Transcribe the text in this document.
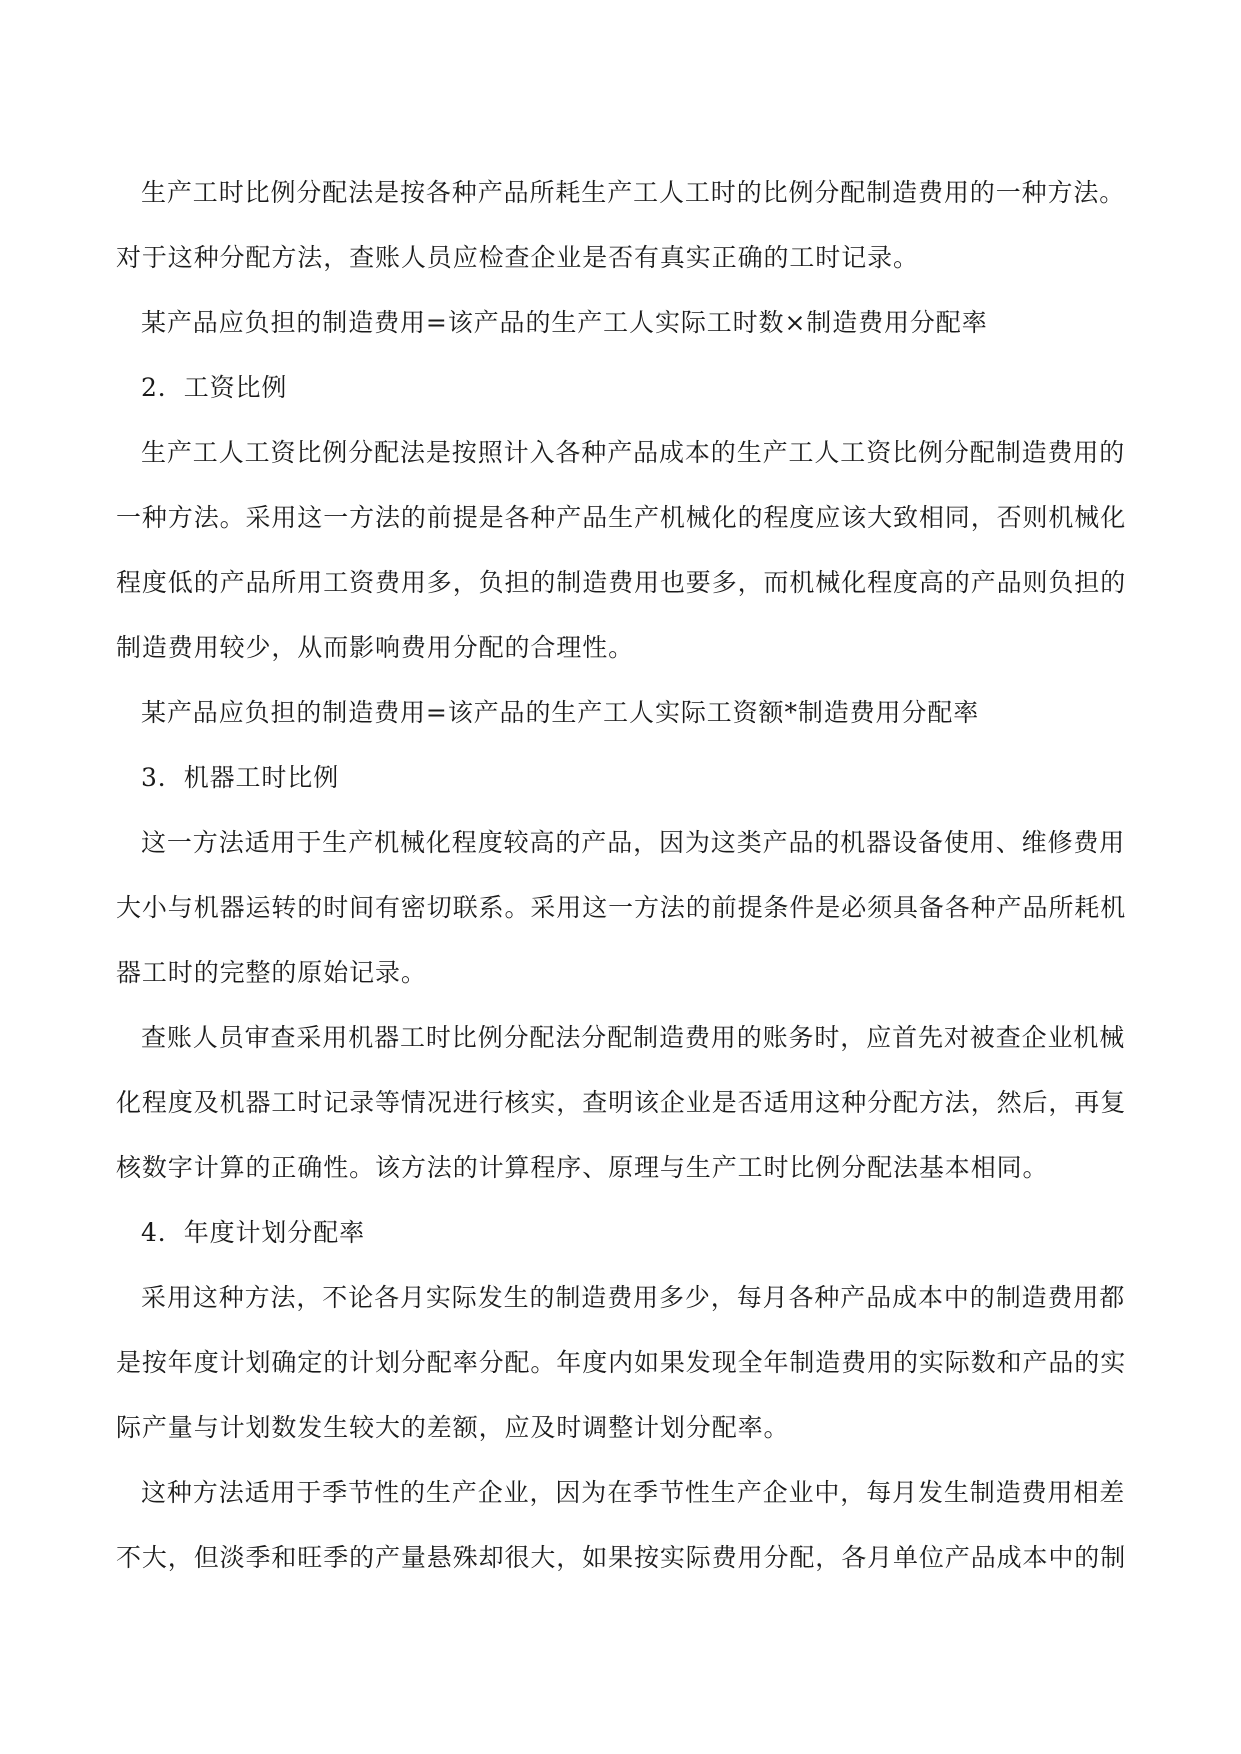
生产工时比例分配法是按各种产品所耗生产工人工时的比例分配制造费用的一种方法。
对于这种分配方法，查账人员应检查企业是否有真实正确的工时记录。
某产品应负担的制造费用=该产品的生产工人实际工时数×制造费用分配率
2．工资比例
生产工人工资比例分配法是按照计入各种产品成本的生产工人工资比例分配制造费用的
一种方法。采用这一方法的前提是各种产品生产机械化的程度应该大致相同，否则机械化
程度低的产品所用工资费用多，负担的制造费用也要多，而机械化程度高的产品则负担的
制造费用较少，从而影响费用分配的合理性。
某产品应负担的制造费用=该产品的生产工人实际工资额*制造费用分配率
3．机器工时比例
这一方法适用于生产机械化程度较高的产品，因为这类产品的机器设备使用、维修费用
大小与机器运转的时间有密切联系。采用这一方法的前提条件是必须具备各种产品所耗机
器工时的完整的原始记录。
查账人员审查采用机器工时比例分配法分配制造费用的账务时，应首先对被查企业机械
化程度及机器工时记录等情况进行核实，查明该企业是否适用这种分配方法，然后，再复
核数字计算的正确性。该方法的计算程序、原理与生产工时比例分配法基本相同。
4．年度计划分配率
采用这种方法，不论各月实际发生的制造费用多少，每月各种产品成本中的制造费用都
是按年度计划确定的计划分配率分配。年度内如果发现全年制造费用的实际数和产品的实
际产量与计划数发生较大的差额，应及时调整计划分配率。
这种方法适用于季节性的生产企业，因为在季节性生产企业中，每月发生制造费用相差
不大，但淡季和旺季的产量悬殊却很大，如果按实际费用分配，各月单位产品成本中的制
